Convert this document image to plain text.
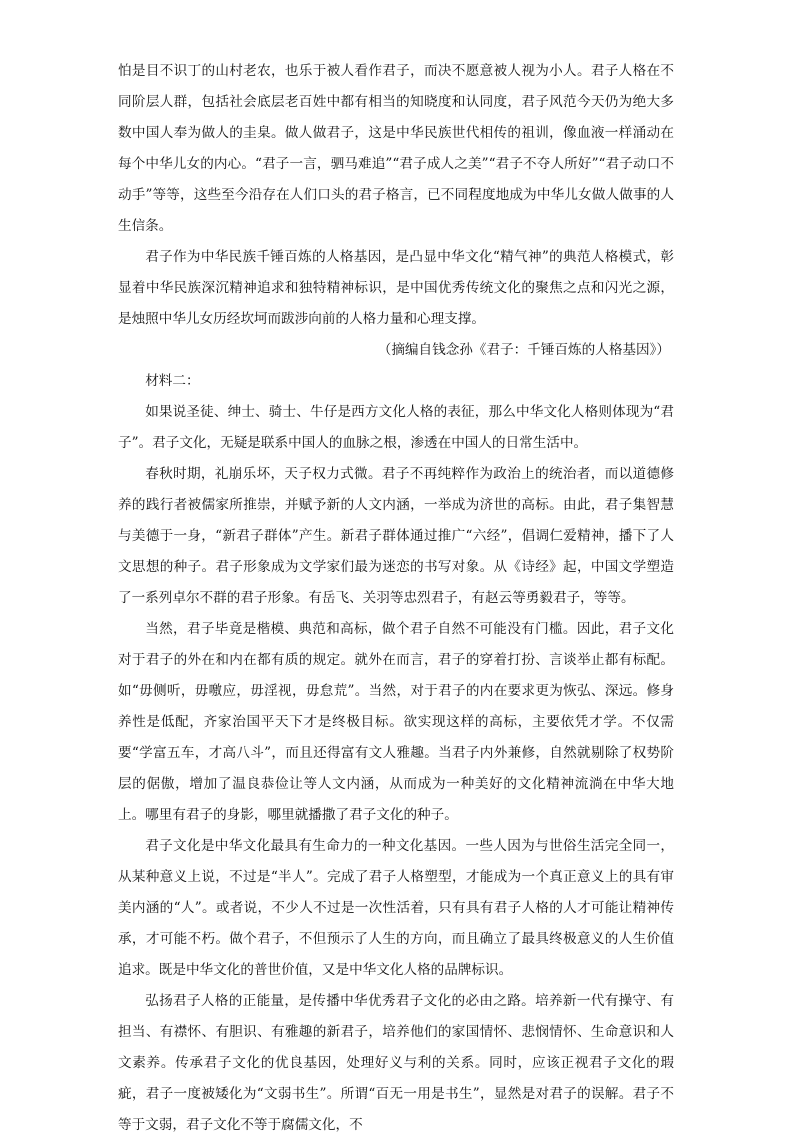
怕是目不识丁的山村老农，也乐于被人看作君子，而决不愿意被人视为小人。君子人格在不同阶层人群，包括社会底层老百姓中都有相当的知晓度和认同度，君子风范今天仍为绝大多数中国人奉为做人的圭臬。做人做君子，这是中华民族世代相传的祖训，像血液一样涌动在每个中华儿女的内心。“君子一言，驷马难追”“君子成人之美”“君子不夺人所好”“君子动口不动手”等等，这些至今沿存在人们口头的君子格言，已不同程度地成为中华儿女做人做事的人生信条。

君子作为中华民族千锤百炼的人格基因，是凸显中华文化“精气神”的典范人格模式，彰显着中华民族深沉精神追求和独特精神标识，是中国优秀传统文化的聚焦之点和闪光之源，是烛照中华儿女历经坎坷而跋涉向前的人格力量和心理支撑。

（摘编自钱念孙《君子：千锤百炼的人格基因》）

材料二：

如果说圣徒、绅士、骑士、牛仔是西方文化人格的表征，那么中华文化人格则体现为“君子”。君子文化，无疑是联系中国人的血脉之根，渗透在中国人的日常生活中。

春秋时期，礼崩乐坏，天子权力式微。君子不再纯粹作为政治上的统治者，而以道德修养的践行者被儒家所推崇，并赋予新的人文内涵，一举成为济世的高标。由此，君子集智慧与美德于一身，“新君子群体”产生。新君子群体通过推广“六经”，倡调仁爱精神，播下了人文思想的种子。君子形象成为文学家们最为迷恋的书写对象。从《诗经》起，中国文学塑造了一系列卓尔不群的君子形象。有岳飞、关羽等忠烈君子，有赵云等勇毅君子，等等。

当然，君子毕竟是楷模、典范和高标，做个君子自然不可能没有门槛。因此，君子文化对于君子的外在和内在都有质的规定。就外在而言，君子的穿着打扮、言谈举止都有标配。如“毋侧听，毋噭应，毋淫视，毋怠荒”。当然，对于君子的内在要求更为恢弘、深远。修身养性是低配，齐家治国平天下才是终极目标。欲实现这样的高标，主要依凭才学。不仅需要“学富五车，才高八斗”，而且还得富有文人雅趣。当君子内外兼修，自然就剔除了权势阶层的倨傲，增加了温良恭俭让等人文内涵，从而成为一种美好的文化精神流淌在中华大地上。哪里有君子的身影，哪里就播撒了君子文化的种子。

君子文化是中华文化最具有生命力的一种文化基因。一些人因为与世俗生活完全同一，从某种意义上说，不过是“半人”。完成了君子人格塑型，才能成为一个真正意义上的具有审美内涵的“人”。或者说，不少人不过是一次性活着，只有具有君子人格的人才可能让精神传承，才可能不朽。做个君子，不但预示了人生的方向，而且确立了最具终极意义的人生价值追求。既是中华文化的普世价值，又是中华文化人格的品牌标识。

弘扬君子人格的正能量，是传播中华优秀君子文化的必由之路。培养新一代有操守、有担当、有襟怀、有胆识、有雅趣的新君子，培养他们的家国情怀、悲悯情怀、生命意识和人文素养。传承君子文化的优良基因，处理好义与利的关系。同时，应该正视君子文化的瑕疵，君子一度被矮化为“文弱书生”。所谓“百无一用是书生”，显然是对君子的误解。君子不等于文弱，君子文化不等于腐儒文化，不
